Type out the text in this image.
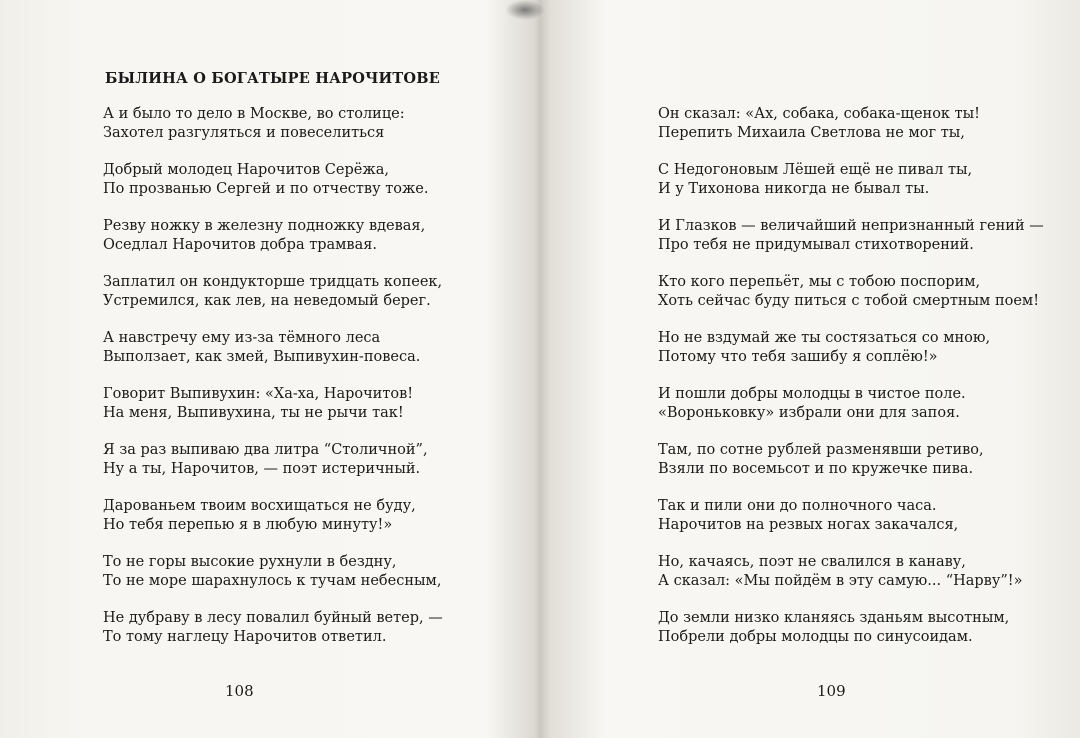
БЫЛИНА О БОГАТЫРЕ НАРОЧИТОВЕ
А и было то дело в Москве, во столице:
Захотел разгуляться и повеселиться
Добрый молодец Нарочитов Серёжа,
По прозванью Сергей и по отчеству тоже.
Резву ножку в железну подножку вдевая,
Оседлал Нарочитов добра трамвая.
Заплатил он кондукторше тридцать копеек,
Устремился, как лев, на неведомый берег.
А навстречу ему из-за тёмного леса
Выползает, как змей, Выпивухин-повеса.
Говорит Выпивухин: «Ха-ха, Нарочитов!
На меня, Выпивухина, ты не рычи так!
Я за раз выпиваю два литра “Столичной”,
Ну а ты, Нарочитов, — поэт истеричный.
Дарованьем твоим восхищаться не буду,
Но тебя перепью я в любую минуту!»
То не горы высокие рухнули в бездну,
То не море шарахнулось к тучам небесным,
Не дубраву в лесу повалил буйный ветер, —
То тому наглецу Нарочитов ответил.
108
Он сказал: «Ах, собака, собака-щенок ты!
Перепить Михаила Светлова не мог ты,
С Недогоновым Лёшей ещё не пивал ты,
И у Тихонова никогда не бывал ты.
И Глазков — величайший непризнанный гений —
Про тебя не придумывал стихотворений.
Кто кого перепьёт, мы с тобою поспорим,
Хоть сейчас буду питься с тобой смертным поем!
Но не вздумай же ты состязаться со мною,
Потому что тебя зашибу я соплёю!»
И пошли добры молодцы в чистое поле.
«Вороньковку» избрали они для запоя.
Там, по сотне рублей разменявши ретиво,
Взяли по восемьсот и по кружечке пива.
Так и пили они до полночного часа.
Нарочитов на резвых ногах закачался,
Но, качаясь, поэт не свалился в канаву,
А сказал: «Мы пойдём в эту самую... “Нарву”!»
До земли низко кланяясь зданьям высотным,
Побрели добры молодцы по синусоидам.
109
